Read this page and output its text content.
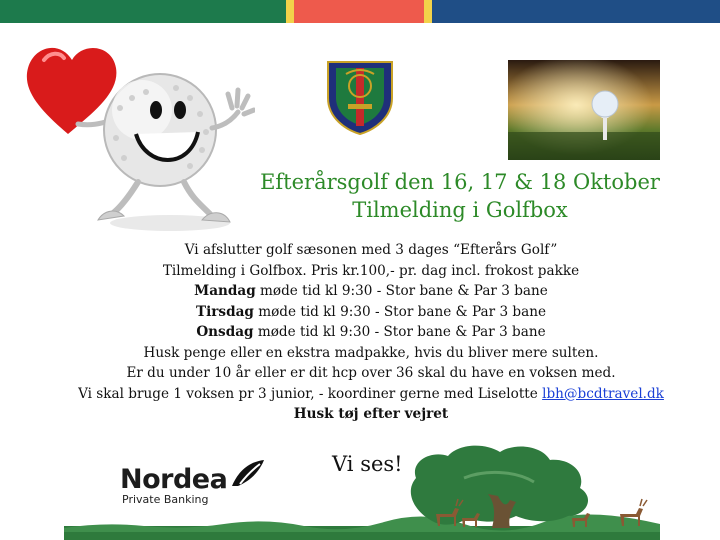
Efterårsgolf den 16, 17 & 18 Oktober
Tilmelding i Golfbox
Vi afslutter golf sæsonen med 3 dages “Efterårs Golf”
Tilmelding i Golfbox. Pris kr.100,- pr. dag incl. frokost pakke
Mandag møde tid kl 9:30 - Stor bane & Par 3 bane
Tirsdag møde tid kl 9:30 - Stor bane & Par 3 bane
Onsdag møde tid kl 9:30 - Stor bane & Par 3 bane
Husk penge eller en ekstra madpakke, hvis du bliver mere sulten.
Er du under 10 år eller er dit hcp over 36 skal du have en voksen med.
Vi skal bruge 1 voksen pr 3 junior, - koordiner gerne med Liselotte lbh@bcdtravel.dk
Husk tøj efter vejret
Nordea
Private Banking
Vi ses!
